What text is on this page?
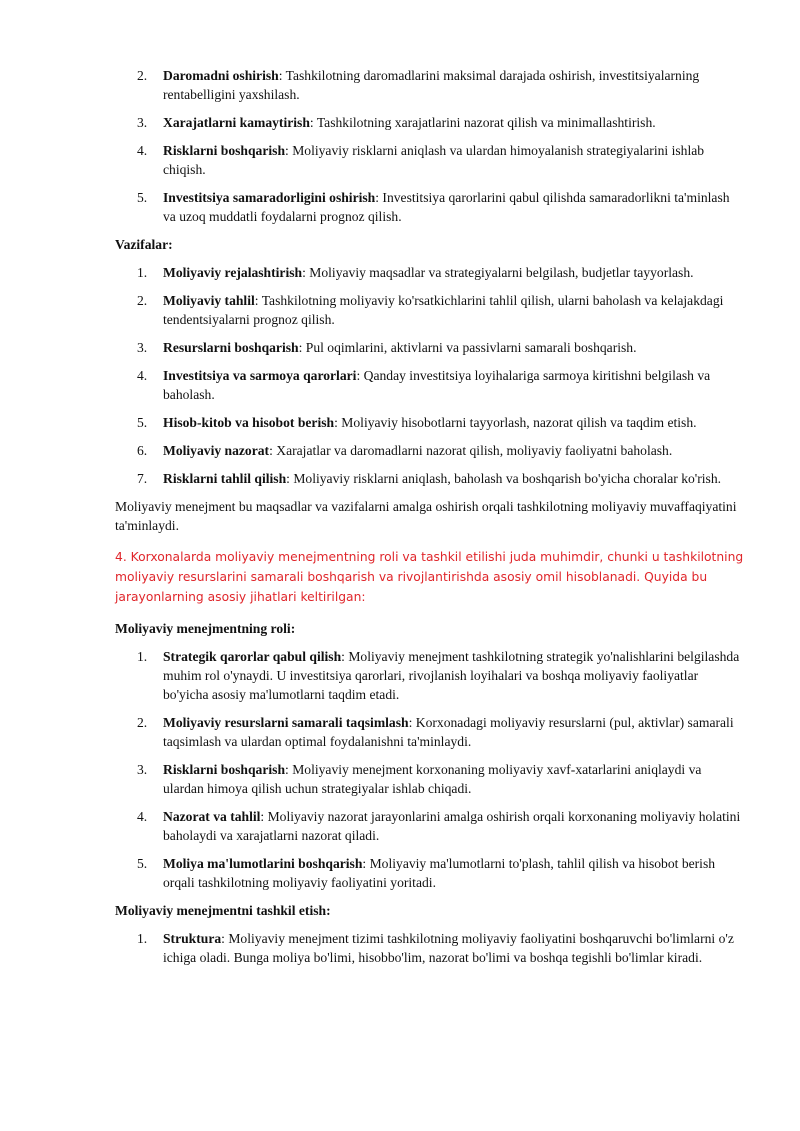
2. Daromadni oshirish: Tashkilotning daromadlarini maksimal darajada oshirish, investitsiyalarning rentabelligini yaxshilash.
3. Xarajatlarni kamaytirish: Tashkilotning xarajatlarini nazorat qilish va minimallashtirish.
4. Risklarni boshqarish: Moliyaviy risklarni aniqlash va ulardan himoyalanish strategiyalarini ishlab chiqish.
5. Investitsiya samaradorligini oshirish: Investitsiya qarorlarini qabul qilishda samaradorlikni ta'minlash va uzoq muddatli foydalarni prognoz qilish.
Vazifalar:
1. Moliyaviy rejalashtirish: Moliyaviy maqsadlar va strategiyalarni belgilash, budjetlar tayyorlash.
2. Moliyaviy tahlil: Tashkilotning moliyaviy ko'rsatkichlarini tahlil qilish, ularni baholash va kelajakdagi tendentsiyalarni prognoz qilish.
3. Resurslarni boshqarish: Pul oqimlarini, aktivlarni va passivlarni samarali boshqarish.
4. Investitsiya va sarmoya qarorlari: Qanday investitsiya loyihalariga sarmoya kiritishni belgilash va baholash.
5. Hisob-kitob va hisobot berish: Moliyaviy hisobotlarni tayyorlash, nazorat qilish va taqdim etish.
6. Moliyaviy nazorat: Xarajatlar va daromadlarni nazorat qilish, moliyaviy faoliyatni baholash.
7. Risklarni tahlil qilish: Moliyaviy risklarni aniqlash, baholash va boshqarish bo'yicha choralar ko'rish.

Moliyaviy menejment bu maqsadlar va vazifalarni amalga oshirish orqali tashkilotning moliyaviy muvaffaqiyatini ta'minlaydi.

4. Korxonalarda moliyaviy menejmentning roli va tashkil etilishi juda muhimdir, chunki u tashkilotning moliyaviy resurslarini samarali boshqarish va rivojlantirishda asosiy omil hisoblanadi. Quyida bu jarayonlarning asosiy jihatlari keltirilgan:

Moliyaviy menejmentning roli:
1. Strategik qarorlar qabul qilish: Moliyaviy menejment tashkilotning strategik yo'nalishlarini belgilashda muhim rol o'ynaydi. U investitsiya qarorlari, rivojlanish loyihalari va boshqa moliyaviy faoliyatlar bo'yicha asosiy ma'lumotlarni taqdim etadi.
2. Moliyaviy resurslarni samarali taqsimlash: Korxonadagi moliyaviy resurslarni (pul, aktivlar) samarali taqsimlash va ulardan optimal foydalanishni ta'minlaydi.
3. Risklarni boshqarish: Moliyaviy menejment korxonaning moliyaviy xavf-xatarlarini aniqlaydi va ulardan himoya qilish uchun strategiyalar ishlab chiqadi.
4. Nazorat va tahlil: Moliyaviy nazorat jarayonlarini amalga oshirish orqali korxonaning moliyaviy holatini baholaydi va xarajatlarni nazorat qiladi.
5. Moliya ma'lumotlarini boshqarish: Moliyaviy ma'lumotlarni to'plash, tahlil qilish va hisobot berish orqali tashkilotning moliyaviy faoliyatini yoritadi.
Moliyaviy menejmentni tashkil etish:
1. Struktura: Moliyaviy menejment tizimi tashkilotning moliyaviy faoliyatini boshqaruvchi bo'limlarni o'z ichiga oladi. Bunga moliya bo'limi, hisobbo'lim, nazorat bo'limi va boshqa tegishli bo'limlar kiradi.
